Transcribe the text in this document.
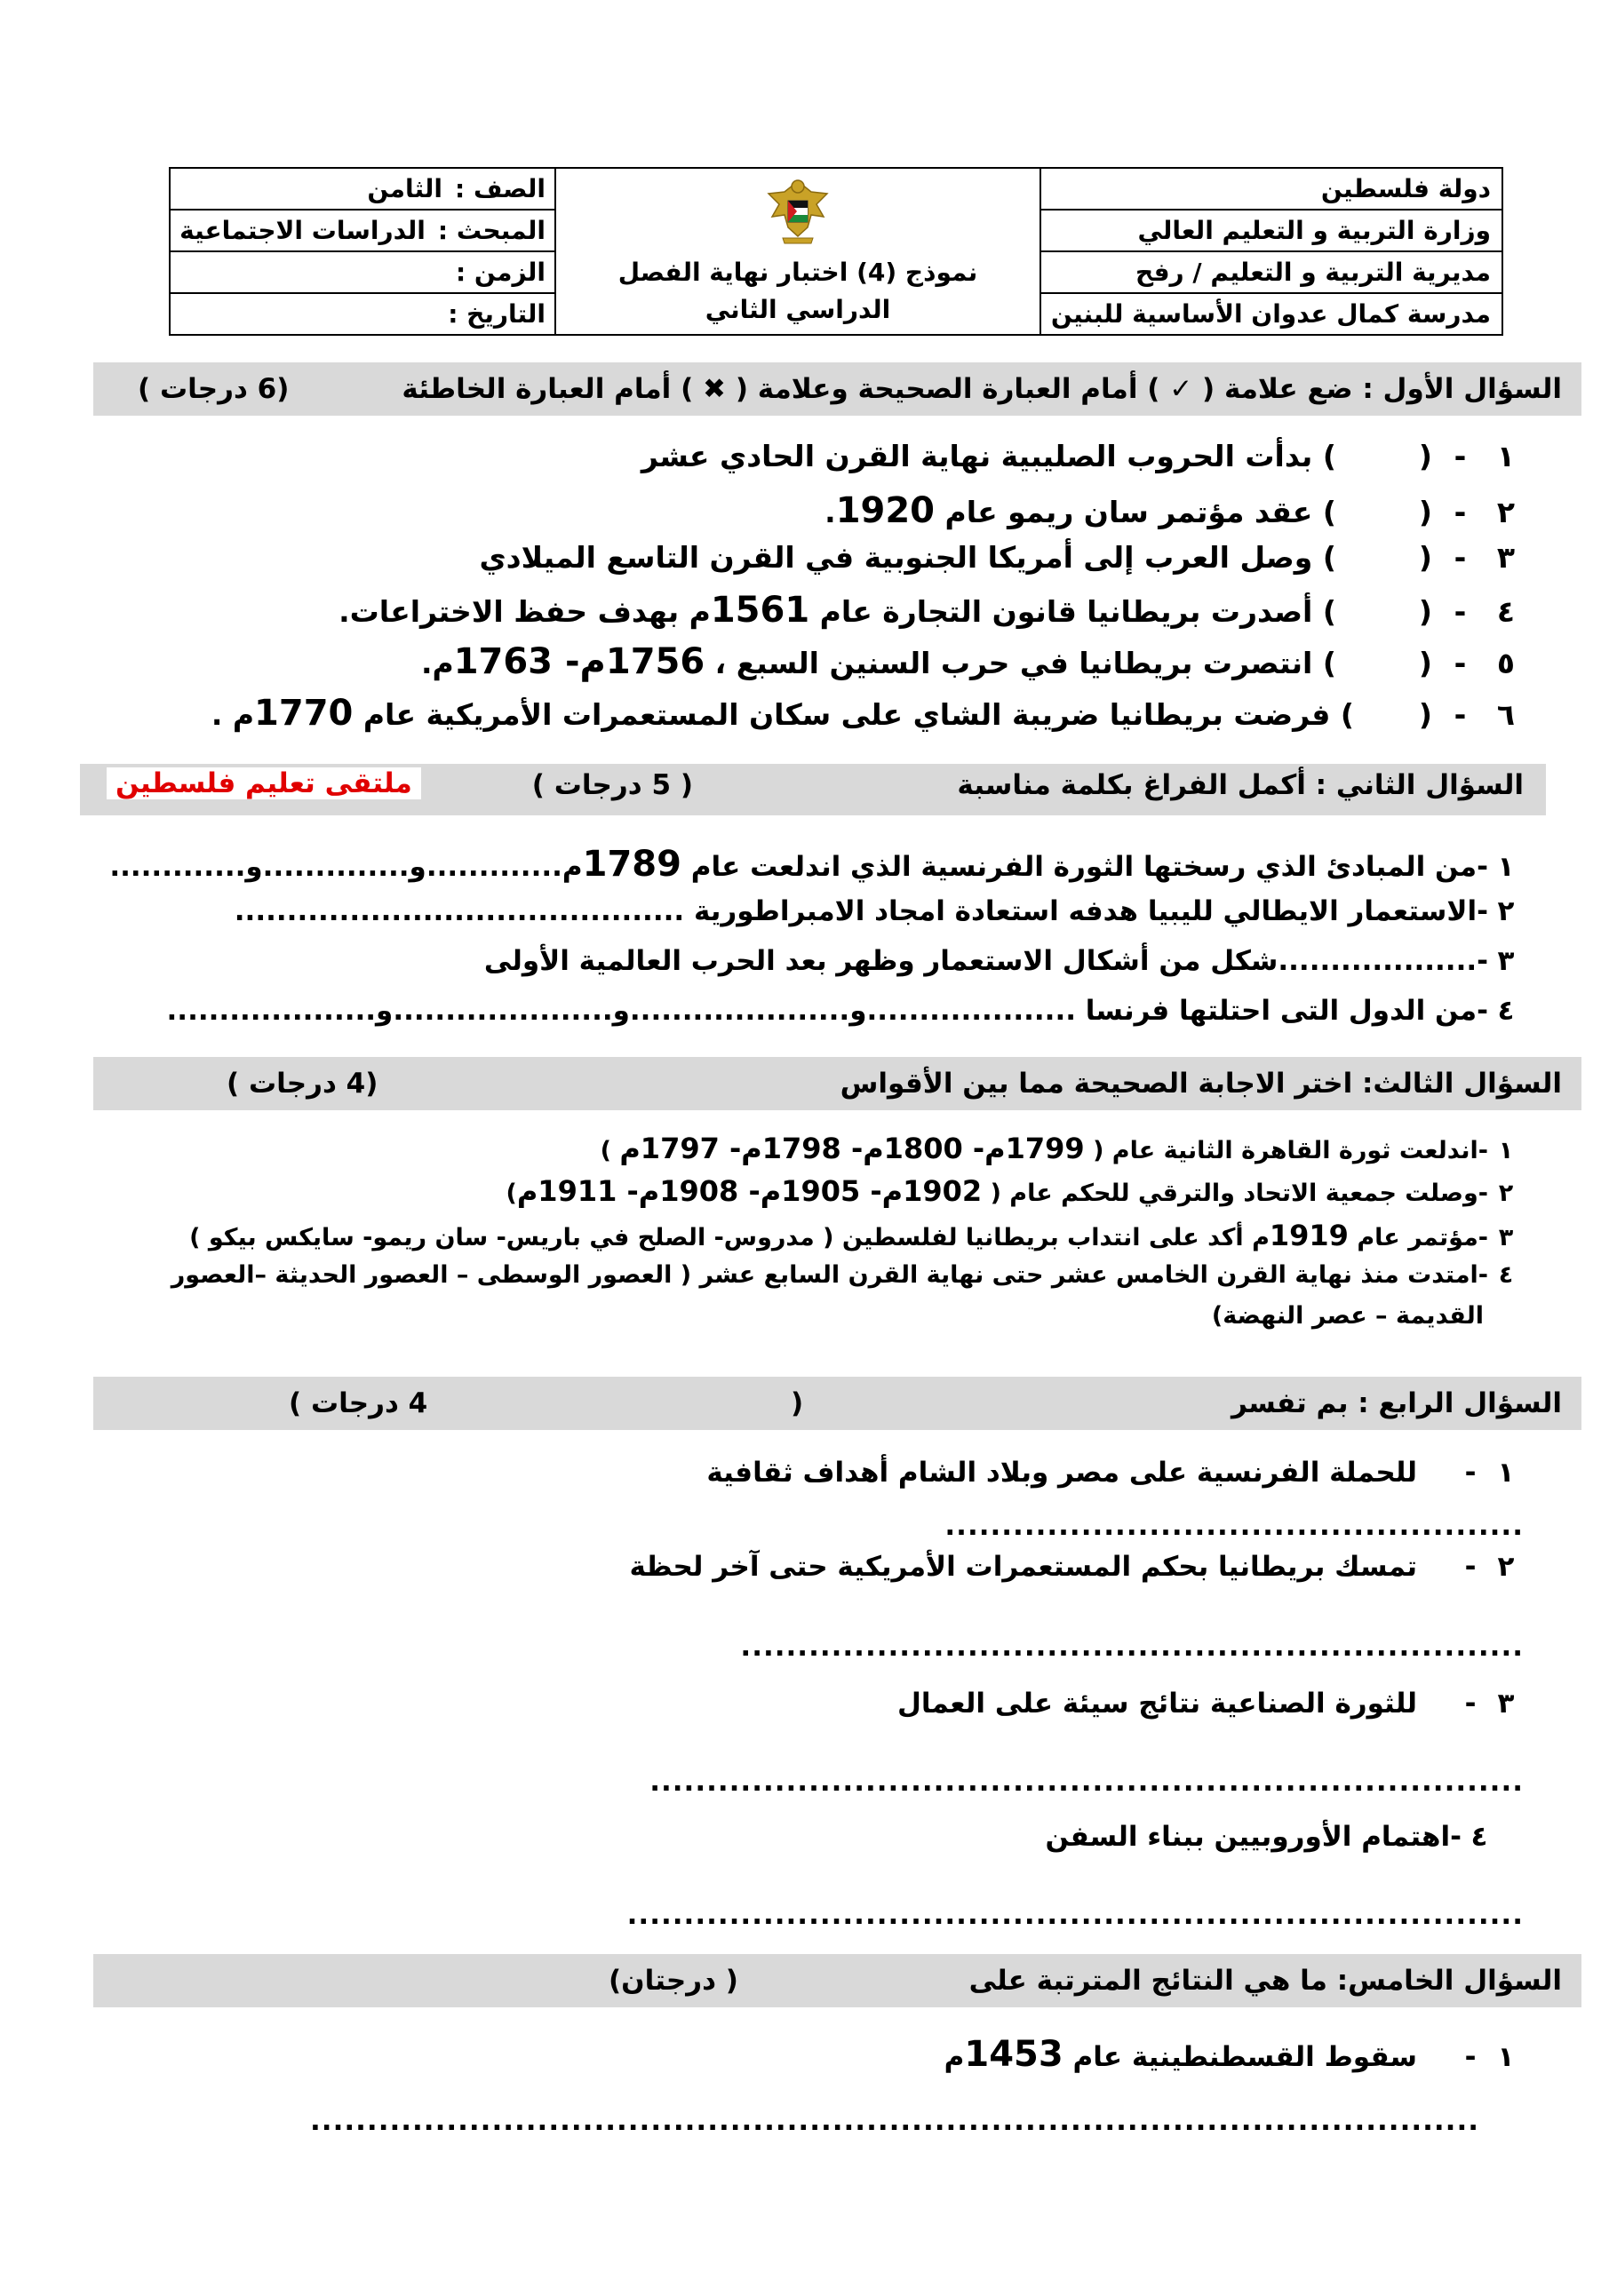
دولة فلسطين
وزارة التربية و التعليم العالي
مديرية التربية و التعليم / رفح
مدرسة كمال عدوان الأساسية للبنين
نموذج (4) اختبار نهاية الفصل الدراسي الثاني
الصف :
الثامن
المبحث :
الدراسات الاجتماعية
الزمن :
التاريخ :
السؤال الأول : ضع علامة ( ✓ ) أمام العبارة الصحيحة وعلامة ( ✖ ) أمام العبارة الخاطئة
(6 درجات )
١ - (  ) بدأت الحروب الصليبية نهاية القرن الحادي عشر
٢ - (  ) عقد مؤتمر سان ريمو عام 1920.
٣ - (  ) وصل العرب إلى أمريكا الجنوبية في القرن التاسع الميلادي
٤ - (  ) أصدرت بريطانيا قانون التجارة عام 1561م بهدف حفظ الاختراعات.
٥ - (  ) انتصرت بريطانيا في حرب السنين السبع ، 1756م- 1763م.
٦ - (  ) فرضت بريطانيا ضريبة الشاي على سكان المستعمرات الأمريكية عام 1770م .
السؤال الثاني : أكمل الفراغ بكلمة مناسبة
( 5 درجات )
ملتقى تعليم فلسطين
١-من المبادئ الذي رسختها الثورة الفرنسية الذي اندلعت عام 1789م.............و..............و.............
٢-الاستعمار الايطالي لليبيا هدفه استعادة امجاد الامبراطورية ...........................................
٣-...................شكل من أشكال الاستعمار وظهر بعد الحرب العالمية الأولى
٤-من الدول التى احتلتها فرنسا ....................و.....................و.....................و....................
السؤال الثالث: اختر الاجابة الصحيحة مما بين الأقواس
(4 درجات )
١-اندلعت ثورة القاهرة الثانية عام ( 1799م- 1800م- 1798م- 1797م )
٢-وصلت جمعية الاتحاد والترقي للحكم عام ( 1902م- 1905م- 1908م- 1911م)
٣-مؤتمر عام 1919م أكد على انتداب بريطانيا لفلسطين ( مدروس- الصلح في باريس- سان ريمو- سايكس بيكو )
٤-امتدت منذ نهاية القرن الخامس عشر حتى نهاية القرن السابع عشر ( العصور الوسطى – العصور الحديثة –العصور
القديمة – عصر النهضة)
السؤال الرابع : بم تفسر
(
4 درجات )
١-للحملة الفرنسية على مصر وبلاد الشام أهداف ثقافية
...................................................
٢-تمسك بريطانيا بحكم المستعمرات الأمريكية حتى آخر لحظة
.....................................................................
٣-للثورة الصناعية نتائج سيئة على العمال
.............................................................................
٤-اهتمام الأوروبيين ببناء السفن
...............................................................................
السؤال الخامس: ما هي النتائج المترتبة على
( درجتان)
١-سقوط القسطنطينية عام 1453م
.......................................................................................................
